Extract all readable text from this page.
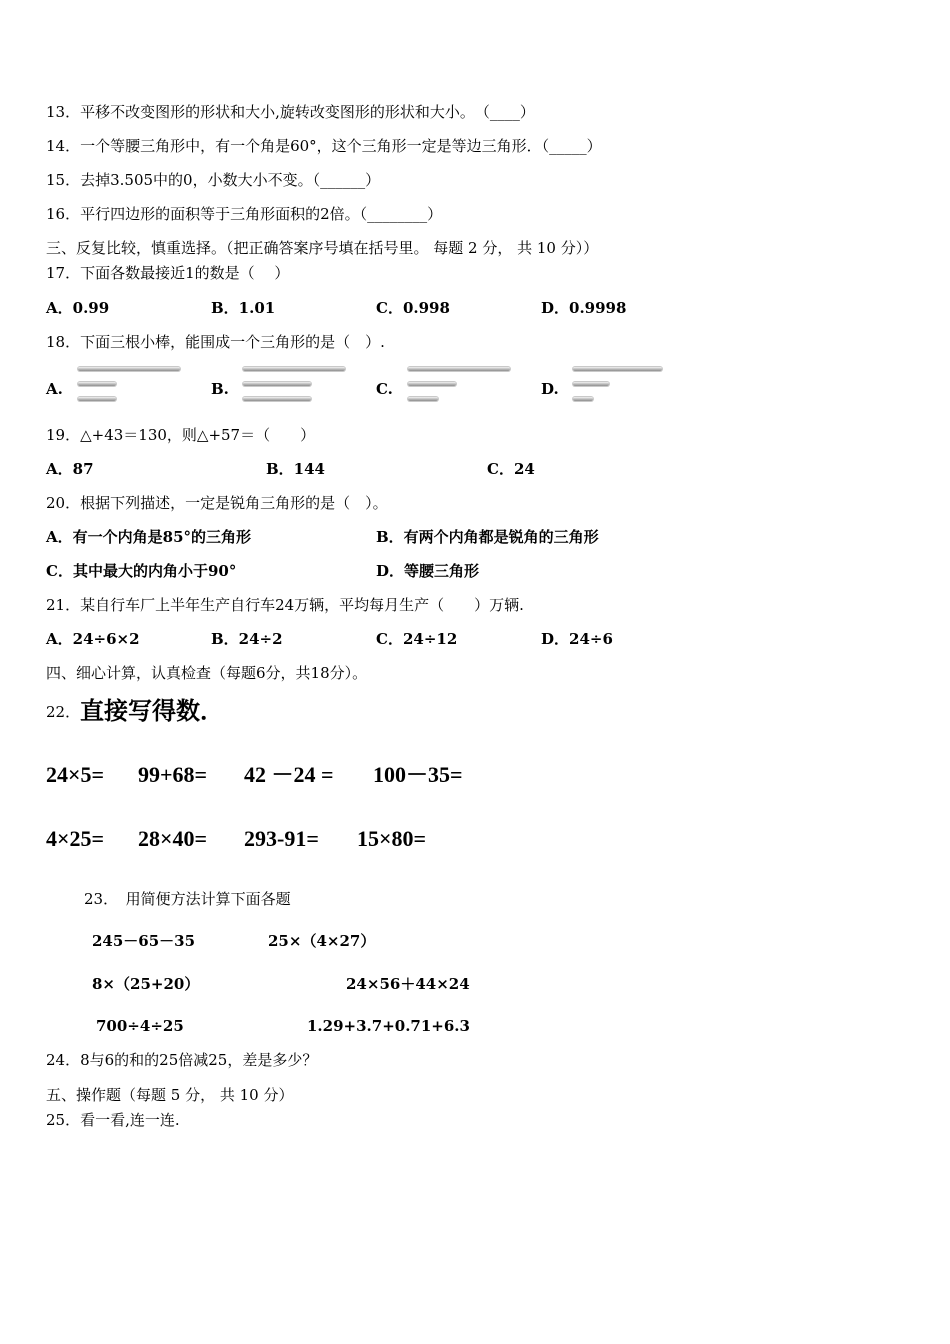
13．平移不改变图形的形状和大小,旋转改变图形的形状和大小。　（____）
14．一个等腰三角形中，有一个角是60°，这个三角形一定是等边三角形．（_____）
15．去掉3.505中的0，小数大小不变。（______）
16．平行四边形的面积等于三角形面积的2倍。（________）
三、反复比较，慎重选择。（把正确答案序号填在括号里。 每题 2 分， 共 10 分））
17．下面各数最接近1的数是（　 ）
A．0.99	B．1.01	C．0.998	D．0.9998
18．下面三根小棒，能围成一个三角形的是（　）.
A.	B.	C.	D.
19．△+43＝130，则△+57＝（　　）
A．87	B．144	C．24
20．根据下列描述，一定是锐角三角形的是（　）。
A．有一个内角是85°的三角形	B．有两个内角都是锐角的三角形
C．其中最大的内角小于90°	D．等腰三角形
21．某自行车厂上半年生产自行车24万辆，平均每月生产（　　）万辆.
A．24÷6×2	B．24÷2	C．24÷12	D．24÷6
四、细心计算，认真检查（每题6分，共18分）。
22． 直接写得数．
24×5= 99+68= 42 －24 = 100－35=
4×25= 28×40= 293-91= 15×80=
23．　用简便方法计算下面各题
245－65－35	25×（4×27）
8×（25+20）	24×56＋44×24
700÷4÷25	1.29+3.7+0.71+6.3
24．8与6的和的25倍减25，差是多少？
五、操作题（每题 5 分， 共 10 分）
25．看一看,连一连.
